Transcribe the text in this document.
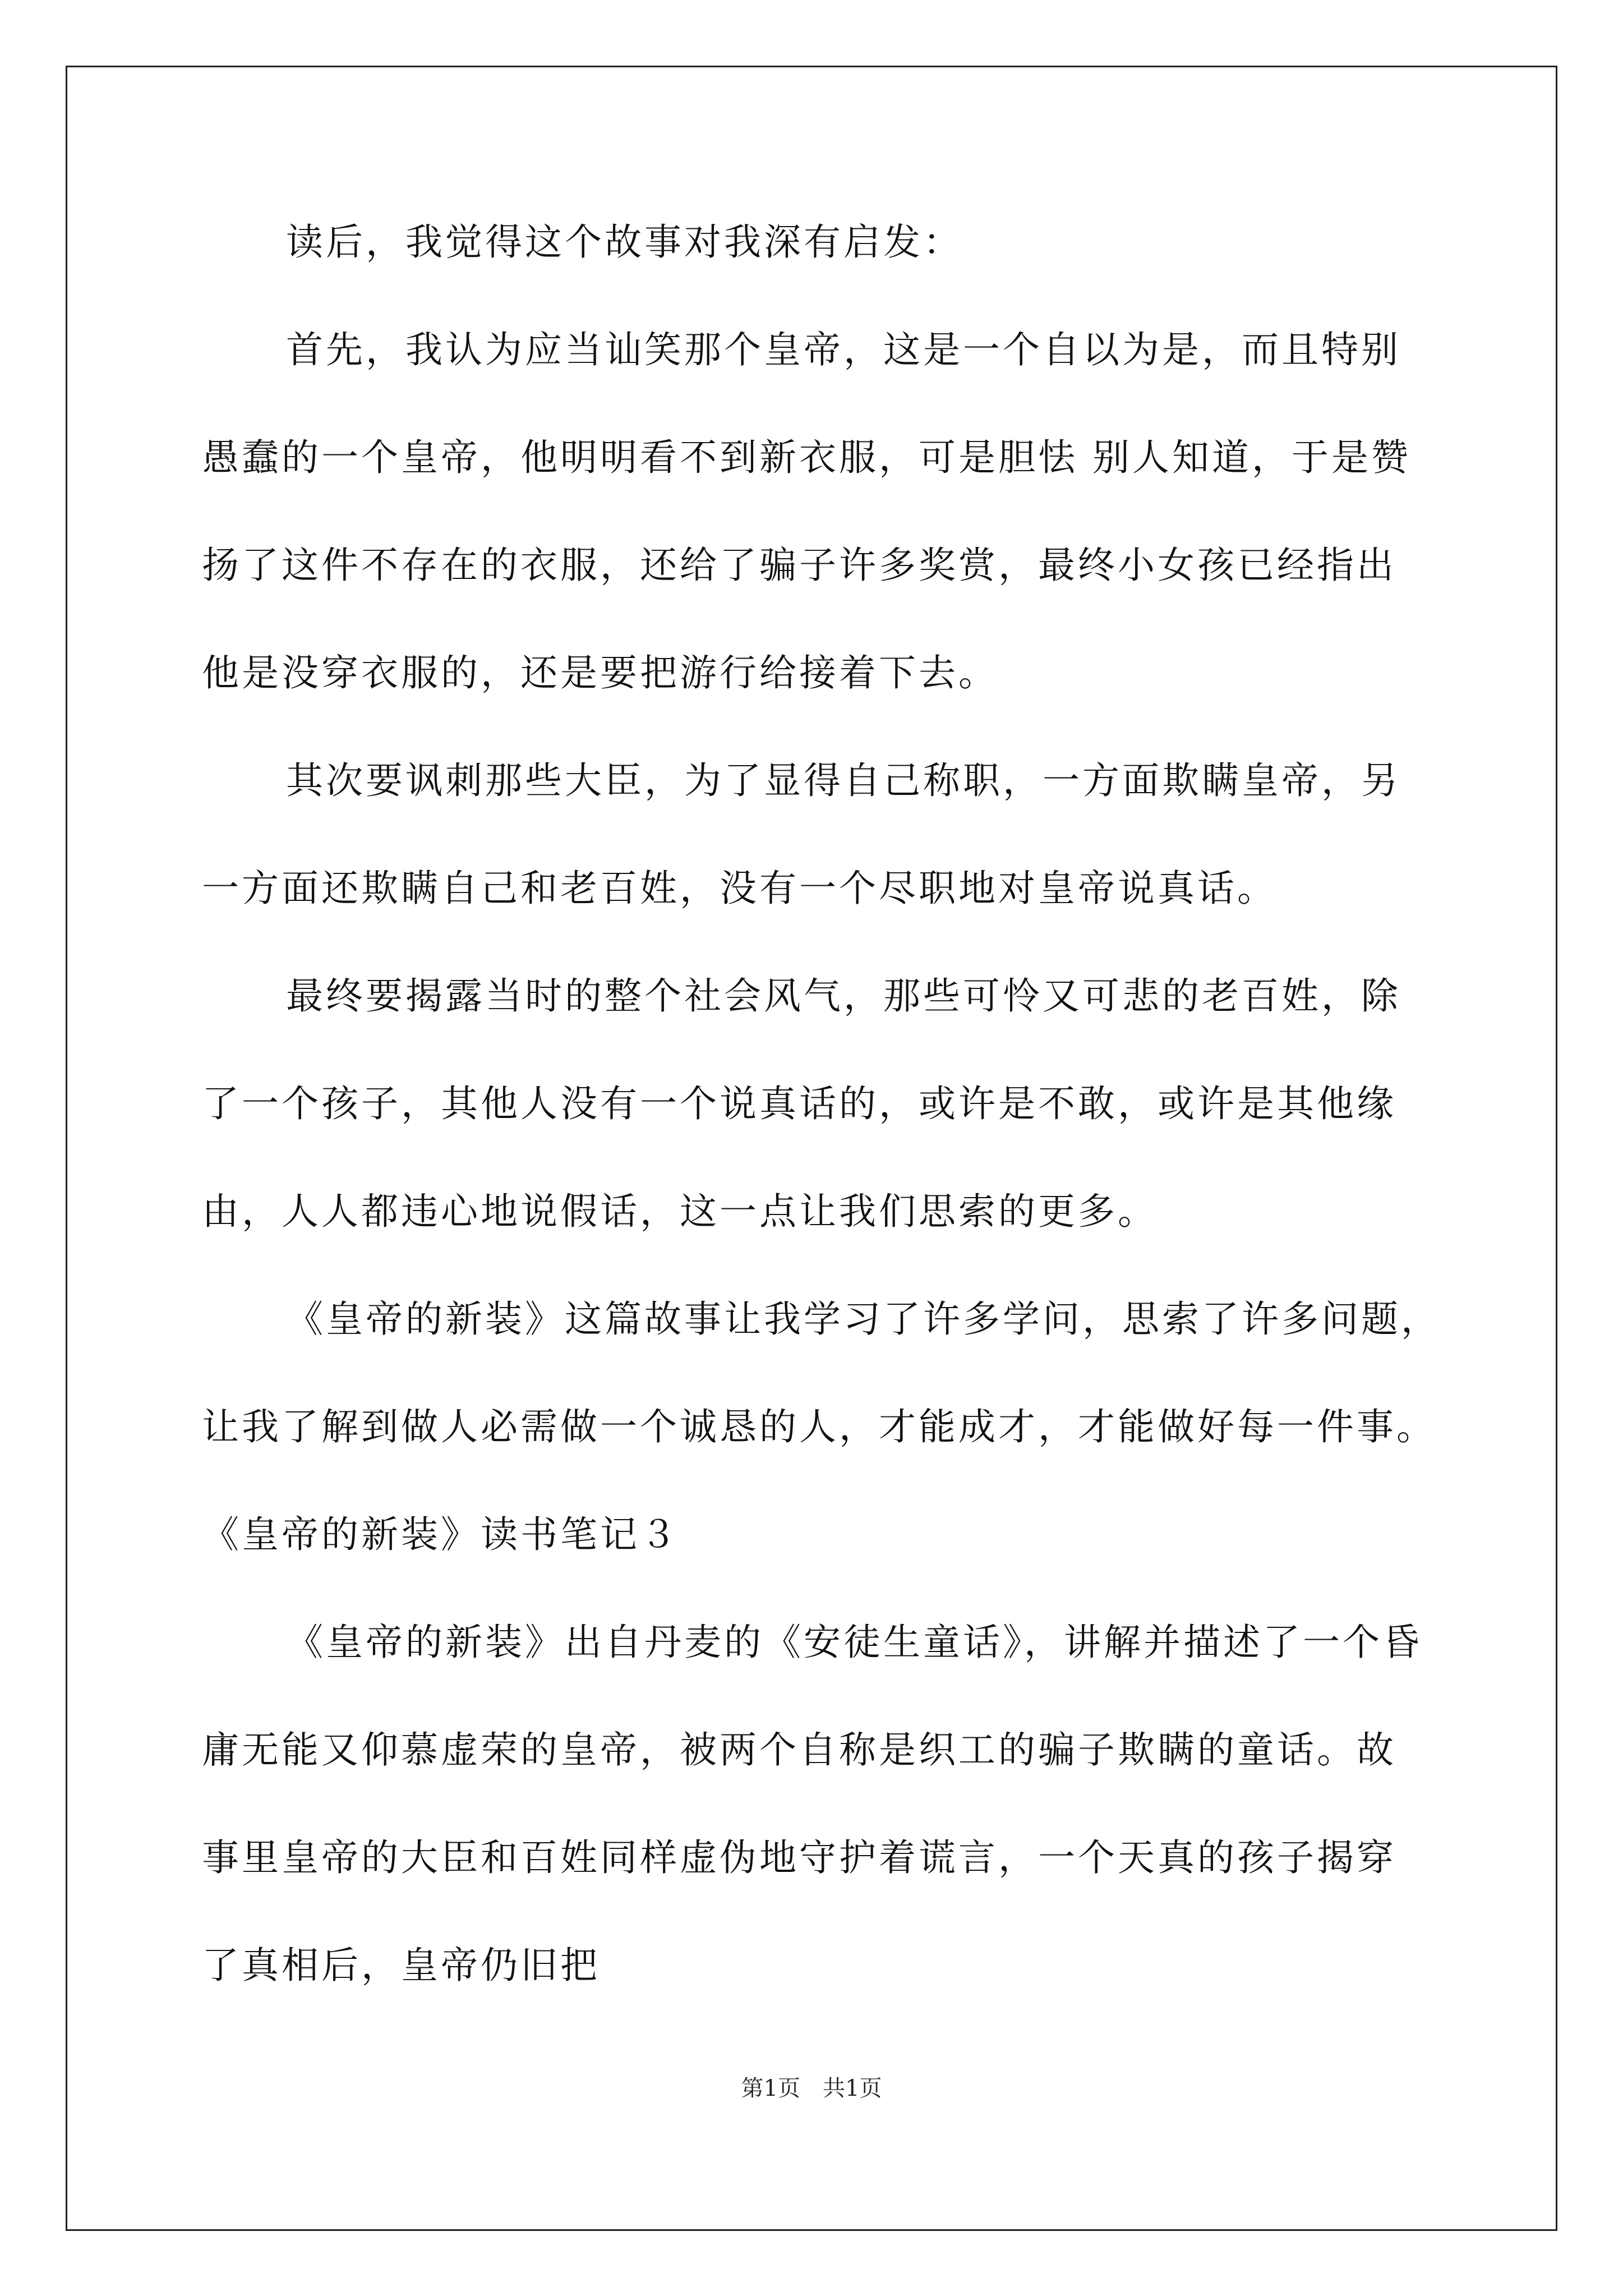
读后，我觉得这个故事对我深有启发：
首先，我认为应当讪笑那个皇帝，这是一个自以为是，而且特别
愚蠢的一个皇帝，他明明看不到新衣服，可是胆怯 别人知道，于是赞
扬了这件不存在的衣服，还给了骗子许多奖赏，最终小女孩已经指出
他是没穿衣服的，还是要把游行给接着下去。
其次要讽刺那些大臣，为了显得自己称职，一方面欺瞒皇帝，另
一方面还欺瞒自己和老百姓，没有一个尽职地对皇帝说真话。
最终要揭露当时的整个社会风气，那些可怜又可悲的老百姓，除
了一个孩子，其他人没有一个说真话的，或许是不敢，或许是其他缘
由，人人都违心地说假话，这一点让我们思索的更多。
《皇帝的新装》这篇故事让我学习了许多学问，思索了许多问题，
让我了解到做人必需做一个诚恳的人，才能成才，才能做好每一件事。
《皇帝的新装》读书笔记３
《皇帝的新装》出自丹麦的《安徒生童话》，讲解并描述了一个昏
庸无能又仰慕虚荣的皇帝，被两个自称是织工的骗子欺瞒的童话。故
事里皇帝的大臣和百姓同样虚伪地守护着谎言，一个天真的孩子揭穿
了真相后，皇帝仍旧把
第1页　共1页
